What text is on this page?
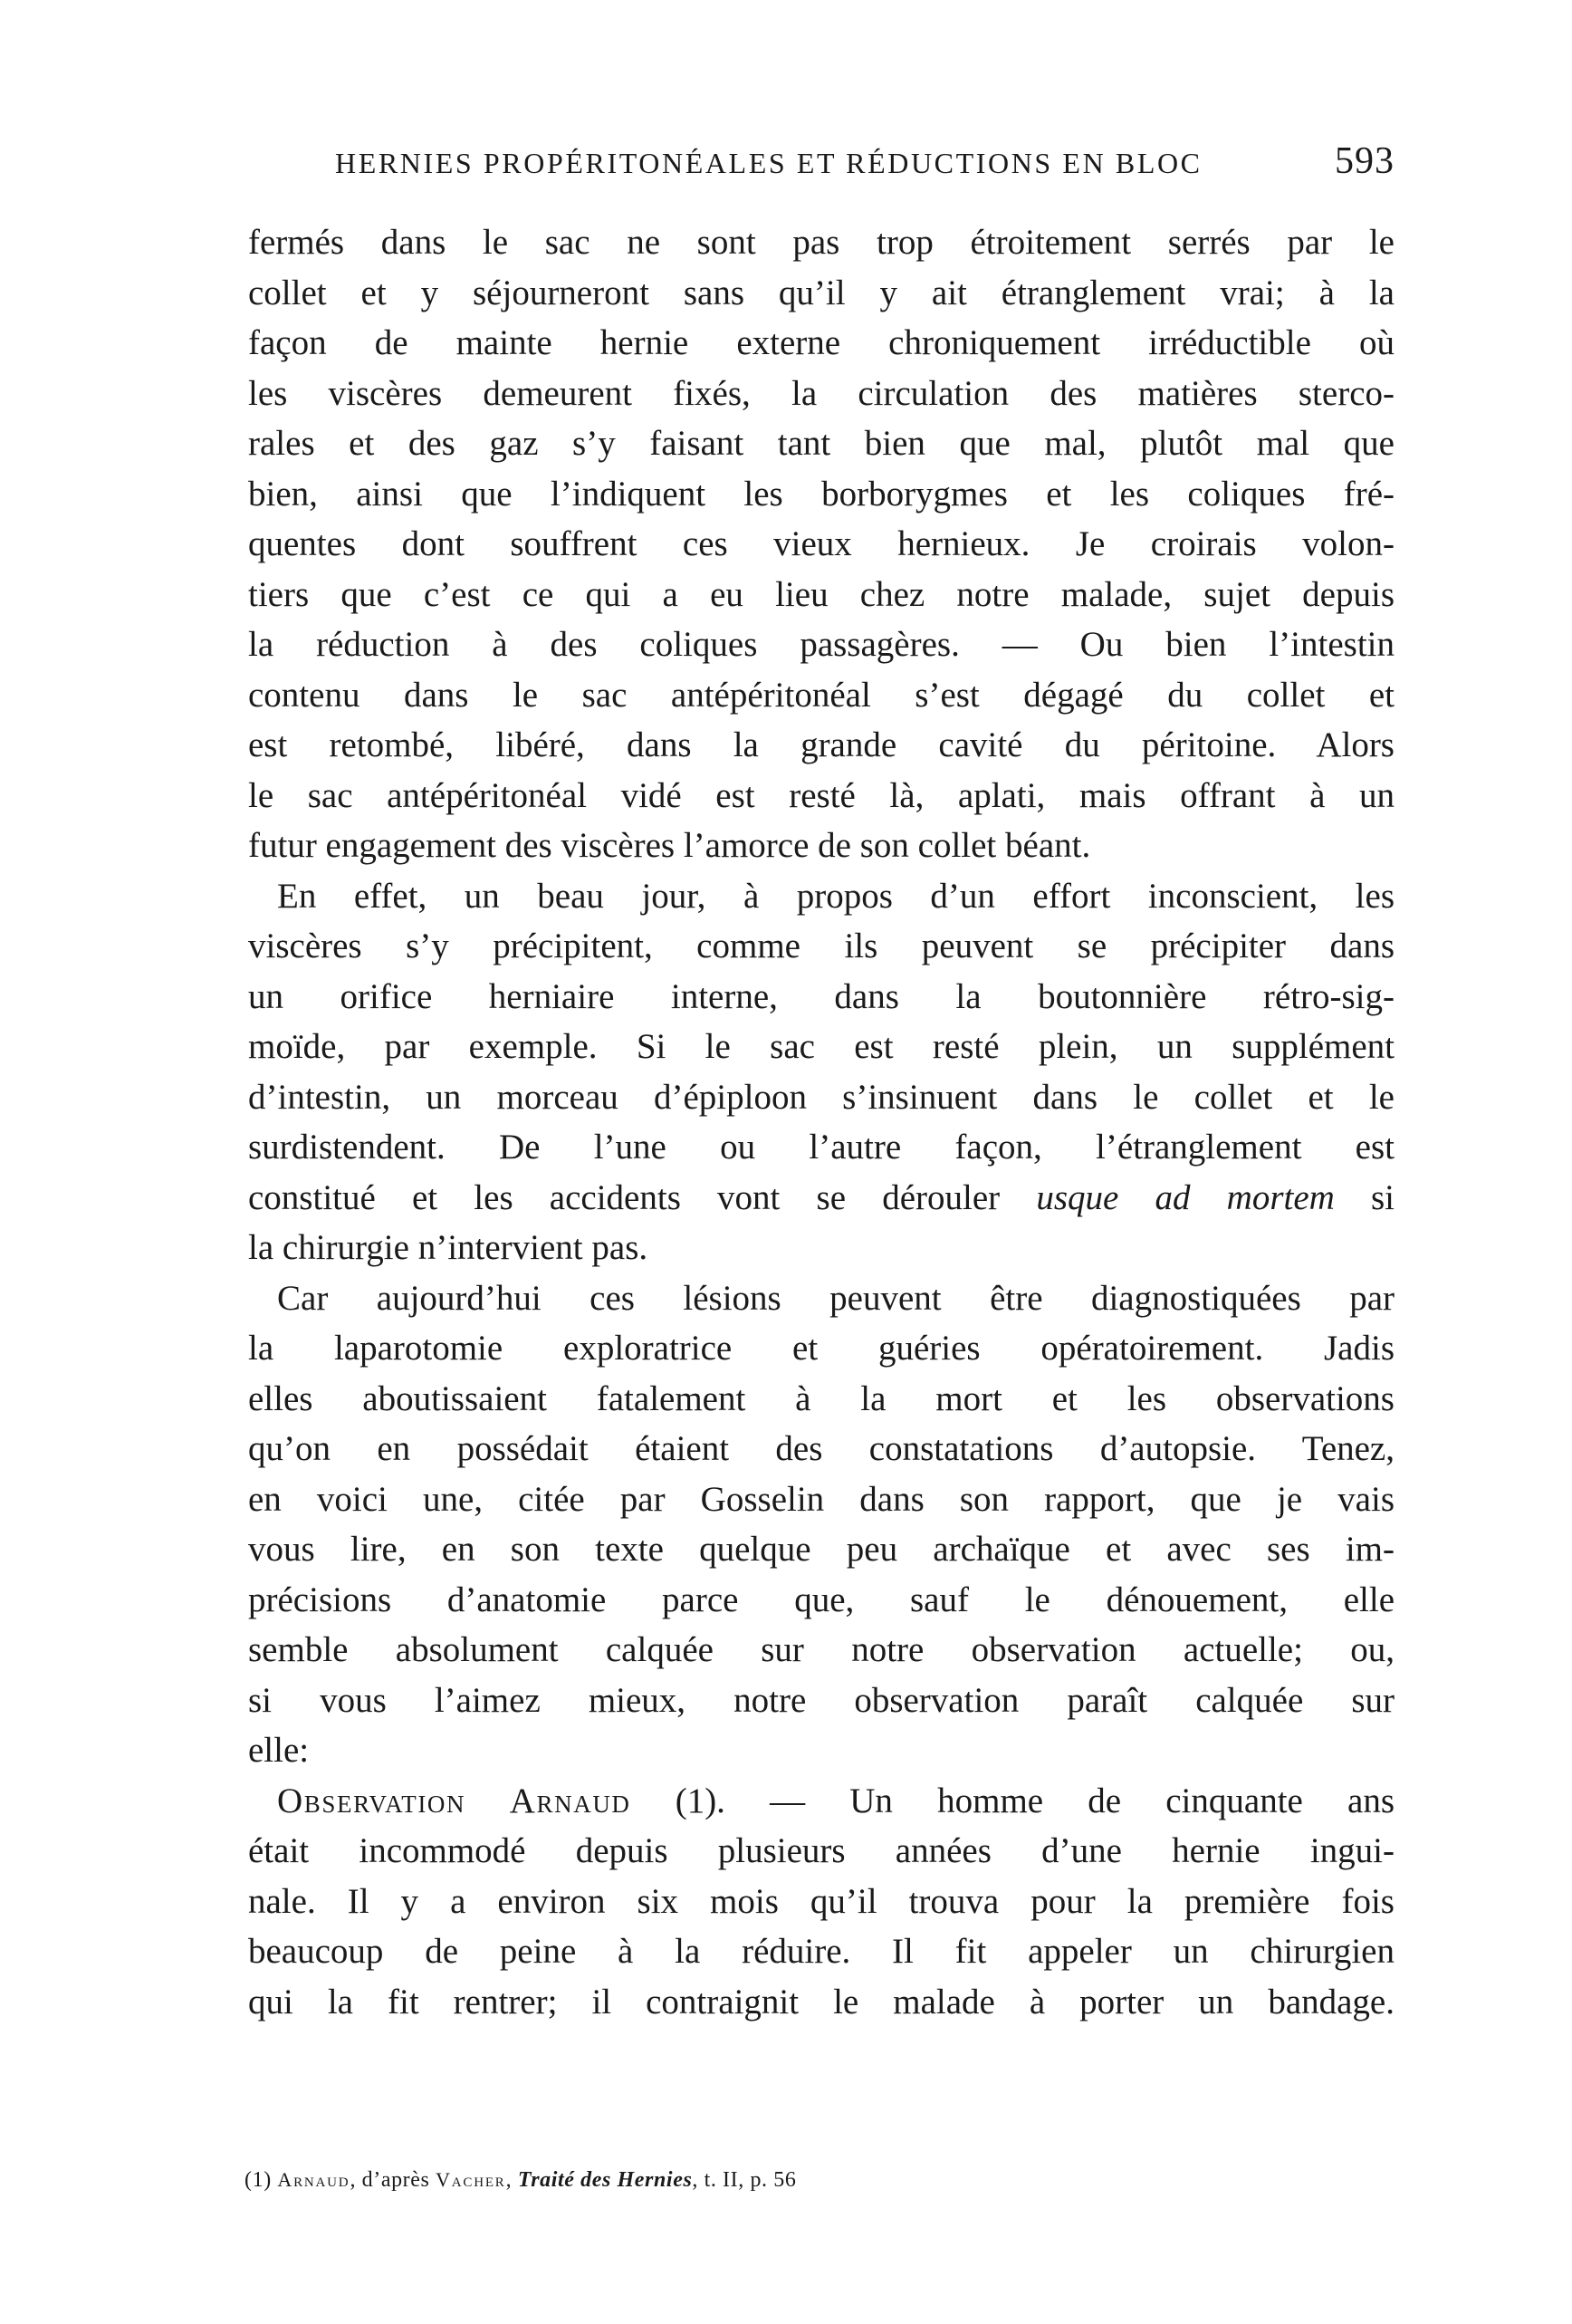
HERNIES PROPÉRITONÉALES ET RÉDUCTIONS EN BLOC	593
fermés dans le sac ne sont pas trop étroitement serrés par le
collet et y séjourneront sans qu’il y ait étranglement vrai; à la
façon de mainte hernie externe chroniquement irréductible où
les viscères demeurent fixés, la circulation des matières sterco-
rales et des gaz s’y faisant tant bien que mal, plutôt mal que
bien, ainsi que l’indiquent les borborygmes et les coliques fré-
quentes dont souffrent ces vieux hernieux. Je croirais volon-
tiers que c’est ce qui a eu lieu chez notre malade, sujet depuis
la réduction à des coliques passagères. — Ou bien l’intestin
contenu dans le sac antépéritonéal s’est dégagé du collet et
est retombé, libéré, dans la grande cavité du péritoine. Alors
le sac antépéritonéal vidé est resté là, aplati, mais offrant à un
futur engagement des viscères l’amorce de son collet béant.
En effet, un beau jour, à propos d’un effort inconscient, les
viscères s’y précipitent, comme ils peuvent se précipiter dans
un orifice herniaire interne, dans la boutonnière rétro-sig-
moïde, par exemple. Si le sac est resté plein, un supplément
d’intestin, un morceau d’épiploon s’insinuent dans le collet et le
surdistendent. De l’une ou l’autre façon, l’étranglement est
constitué et les accidents vont se dérouler usque ad mortem si
la chirurgie n’intervient pas.
Car aujourd’hui ces lésions peuvent être diagnostiquées par
la laparotomie exploratrice et guéries opératoirement. Jadis
elles aboutissaient fatalement à la mort et les observations
qu’on en possédait étaient des constatations d’autopsie. Tenez,
en voici une, citée par Gosselin dans son rapport, que je vais
vous lire, en son texte quelque peu archaïque et avec ses im-
précisions d’anatomie parce que, sauf le dénouement, elle
semble absolument calquée sur notre observation actuelle; ou,
si vous l’aimez mieux, notre observation paraît calquée sur
elle:
Observation Arnaud (1). — Un homme de cinquante ans
était incommodé depuis plusieurs années d’une hernie ingui-
nale. Il y a environ six mois qu’il trouva pour la première fois
beaucoup de peine à la réduire. Il fit appeler un chirurgien
qui la fit rentrer; il contraignit le malade à porter un bandage.
(1) Arnaud, d’après Vacher, Traité des Hernies, t. II, p. 56
